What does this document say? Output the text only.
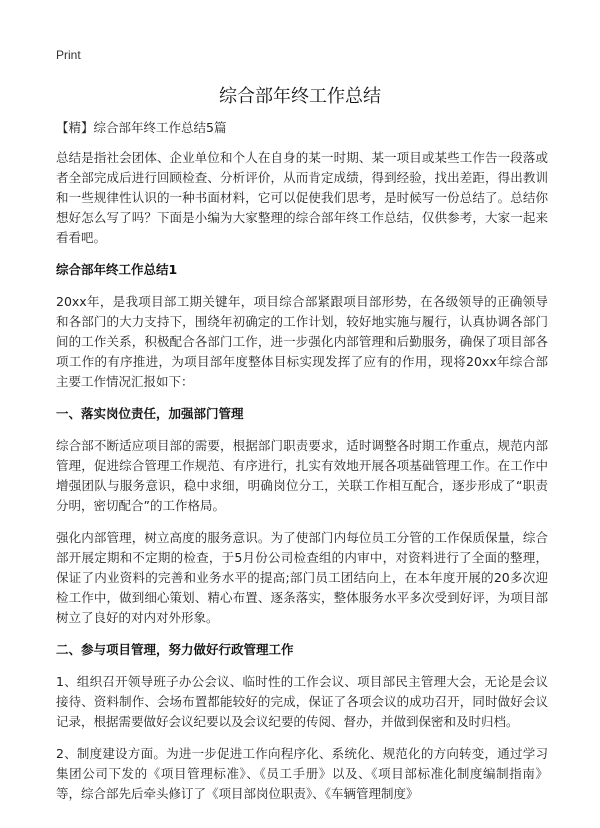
Print
综合部年终工作总结
【精】综合部年终工作总结5篇

总结是指社会团体、企业单位和个人在自身的某一时期、某一项目或某些工作告一段落或者全部完成后进行回顾检查、分析评价，从而肯定成绩，得到经验，找出差距，得出教训和一些规律性认识的一种书面材料，它可以促使我们思考，是时候写一份总结了。总结你想好怎么写了吗？下面是小编为大家整理的综合部年终工作总结，仅供参考，大家一起来看看吧。

综合部年终工作总结1

20xx年，是我项目部工期关键年，项目综合部紧跟项目部形势，在各级领导的正确领导和各部门的大力支持下，围绕年初确定的工作计划，较好地实施与履行，认真协调各部门间的工作关系，积极配合各部门工作，进一步强化内部管理和后勤服务，确保了项目部各项工作的有序推进，为项目部年度整体目标实现发挥了应有的作用，现将20xx年综合部主要工作情况汇报如下：

一、落实岗位责任，加强部门管理

综合部不断适应项目部的需要，根据部门职责要求，适时调整各时期工作重点，规范内部管理，促进综合管理工作规范、有序进行，扎实有效地开展各项基础管理工作。在工作中增强团队与服务意识，稳中求细，明确岗位分工，关联工作相互配合，逐步形成了“职责分明，密切配合”的工作格局。

强化内部管理，树立高度的服务意识。为了使部门内每位员工分管的工作保质保量，综合部开展定期和不定期的检查，于5月份公司检查组的内审中，对资料进行了全面的整理，保证了内业资料的完善和业务水平的提高;部门员工团结向上，在本年度开展的20多次迎检工作中，做到细心策划、精心布置、逐条落实，整体服务水平多次受到好评，为项目部树立了良好的对内对外形象。

二、参与项目管理，努力做好行政管理工作

1、组织召开领导班子办公会议、临时性的工作会议、项目部民主管理大会，无论是会议接待、资料制作、会场布置都能较好的完成，保证了各项会议的成功召开，同时做好会议记录，根据需要做好会议纪要以及会议纪要的传阅、督办，并做到保密和及时归档。

2、制度建设方面。为进一步促进工作向程序化、系统化、规范化的方向转变，通过学习集团公司下发的《项目管理标准》、《员工手册》以及、《项目部标准化制度编制指南》等，综合部先后牵头修订了《项目部岗位职责》、《车辆管理制度》
